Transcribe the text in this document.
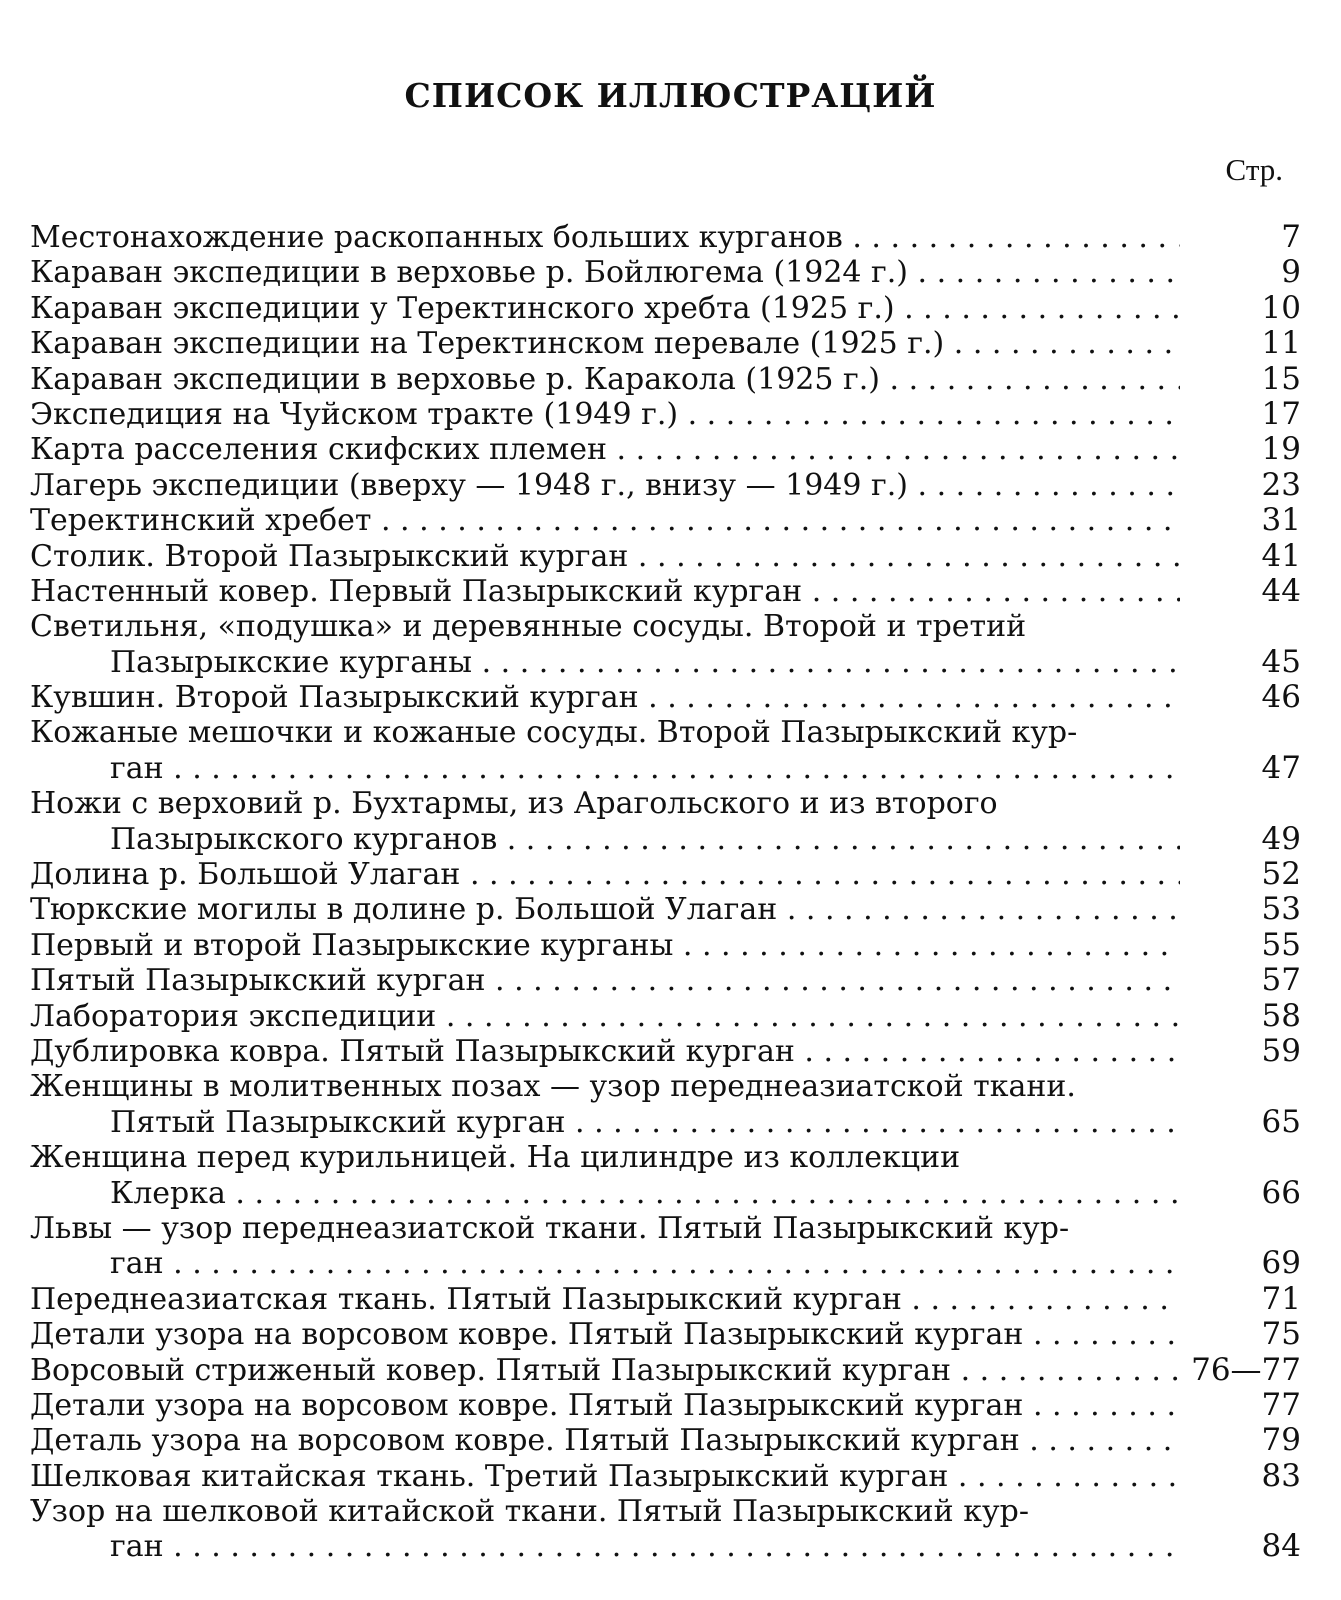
СПИСОК ИЛЛЮСТРАЦИЙ
Стр.
Местонахождение раскопанных больших курганов . . .	7
Караван экспедиции в верховье р. Бойлюгема (1924 г.) . . .	9
Караван экспедиции у Теректинского хребта (1925 г.) . . .	10
Караван экспедиции на Теректинском перевале (1925 г.) . . .	11
Караван экспедиции в верховье р. Каракола (1925 г.) . . .	15
Экспедиция на Чуйском тракте (1949 г.) . . .	17
Карта расселения скифских племен . . .	19
Лагерь экспедиции (вверху — 1948 г., внизу — 1949 г.) . . .	23
Теректинский хребет . . .	31
Столик. Второй Пазырыкский курган . . .	41
Настенный ковер. Первый Пазырыкский курган . . .	44
Светильня, «подушка» и деревянные сосуды. Второй и третий
Пазырыкские курганы . . .	45
Кувшин. Второй Пазырыкский курган . . .	46
Кожаные мешочки и кожаные сосуды. Второй Пазырыкский кур-
ган . . .	47
Ножи с верховий р. Бухтармы, из Арагольского и из второго
Пазырыкского курганов . . .	49
Долина р. Большой Улаган . . .	52
Тюркские могилы в долине р. Большой Улаган . . .	53
Первый и второй Пазырыкские курганы . . .	55
Пятый Пазырыкский курган . . .	57
Лаборатория экспедиции . . .	58
Дублировка ковра. Пятый Пазырыкский курган . . .	59
Женщины в молитвенных позах — узор переднеазиатской ткани.
Пятый Пазырыкский курган . . .	65
Женщина перед курильницей. На цилиндре из коллекции
Клерка . . .	66
Львы — узор переднеазиатской ткани. Пятый Пазырыкский кур-
ган . . .	69
Переднеазиатская ткань. Пятый Пазырыкский курган . . .	71
Детали узора на ворсовом ковре. Пятый Пазырыкский курган . . .	75
Ворсовый стриженый ковер. Пятый Пазырыкский курган . . .	76—77
Детали узора на ворсовом ковре. Пятый Пазырыкский курган . . .	77
Деталь узора на ворсовом ковре. Пятый Пазырыкский курган . . .	79
Шелковая китайская ткань. Третий Пазырыкский курган . . .	83
Узор на шелковой китайской ткани. Пятый Пазырыкский кур-
ган . . .	84
